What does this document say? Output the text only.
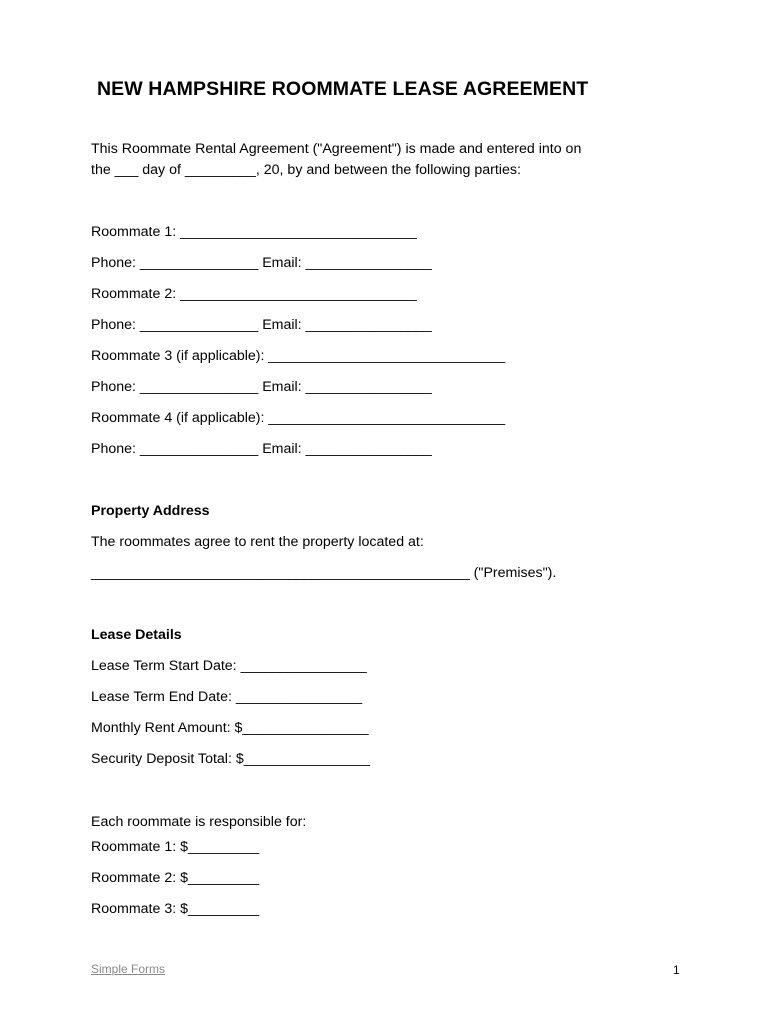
NEW HAMPSHIRE ROOMMATE LEASE AGREEMENT
This Roommate Rental Agreement ("Agreement") is made and entered into on
the ___ day of _________, 20, by and between the following parties:
Roommate 1: ______________________________
Phone: _______________ Email: ________________
Roommate 2: ______________________________
Phone: _______________ Email: ________________
Roommate 3 (if applicable): ______________________________
Phone: _______________ Email: ________________
Roommate 4 (if applicable): ______________________________
Phone: _______________ Email: ________________
Property Address
The roommates agree to rent the property located at:
________________________________________________ ("Premises").
Lease Details
Lease Term Start Date: ________________
Lease Term End Date: ________________
Monthly Rent Amount: $________________
Security Deposit Total: $________________
Each roommate is responsible for:
Roommate 1: $_________
Roommate 2: $_________
Roommate 3: $_________
Simple Forms	1
